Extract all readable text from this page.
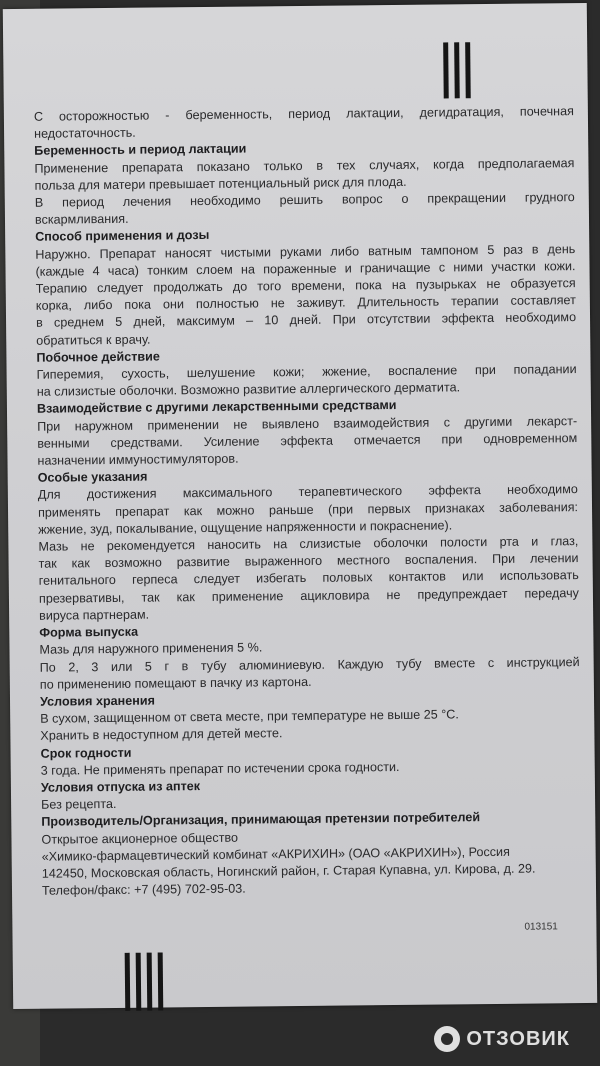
С осторожностью - беременность, период лактации, дегидратация, почечная

недостаточность.

Беременность и период лактации

Применение препарата показано только в тех случаях, когда предполагаемая

польза для матери превышает потенциальный риск для плода.

В период лечения необходимо решить вопрос о прекращении грудного

вскармливания.

Способ применения и дозы

Наружно. Препарат наносят чистыми руками либо ватным тампоном 5 раз в день

(каждые 4 часа) тонким слоем на пораженные и граничащие с ними участки кожи.

Терапию следует продолжать до того времени, пока на пузырьках не образуется

корка, либо пока они полностью не заживут. Длительность терапии составляет

в среднем 5 дней, максимум – 10 дней. При отсутствии эффекта необходимо

обратиться к врачу.

Побочное действие

Гиперемия, сухость, шелушение кожи; жжение, воспаление при попадании

на слизистые оболочки. Возможно развитие аллергического дерматита.

Взаимодействие с другими лекарственными средствами

При наружном применении не выявлено взаимодействия с другими лекарст-

венными средствами. Усиление эффекта отмечается при одновременном

назначении иммуностимуляторов.

Особые указания

Для достижения максимального терапевтического эффекта необходимо

применять препарат как можно раньше (при первых признаках заболевания:

жжение, зуд, покалывание, ощущение напряженности и покраснение).

Мазь не рекомендуется наносить на слизистые оболочки полости рта и глаз,

так как возможно развитие выраженного местного воспаления. При лечении

генитального герпеса следует избегать половых контактов или использовать

презервативы, так как применение ацикловира не предупреждает передачу

вируса партнерам.

Форма выпуска

Мазь для наружного применения 5 %.

По 2, 3 или 5 г в тубу алюминиевую. Каждую тубу вместе с инструкцией

по применению помещают в пачку из картона.

Условия хранения

В сухом, защищенном от света месте, при температуре не выше 25 °С.

Хранить в недоступном для детей месте.

Срок годности

3 года. Не применять препарат по истечении срока годности.

Условия отпуска из аптек

Без рецепта.

Производитель/Организация, принимающая претензии потребителей

Открытое акционерное общество

«Химико-фармацевтический комбинат «АКРИХИН» (ОАО «АКРИХИН»), Россия

142450, Московская область, Ногинский район, г. Старая Купавна, ул. Кирова, д. 29.

Телефон/факс: +7 (495) 702-95-03.

013151
ОТЗОВИК
